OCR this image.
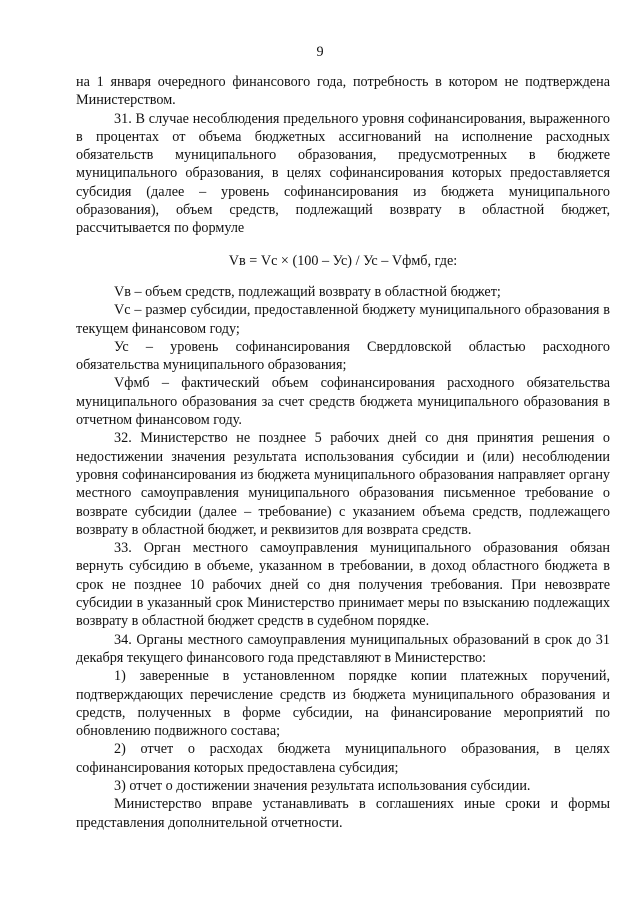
9

на 1 января очередного финансового года, потребность в котором не подтверждена Министерством.

31. В случае несоблюдения предельного уровня софинансирования, выраженного в процентах от объема бюджетных ассигнований на исполнение расходных обязательств муниципального образования, предусмотренных в бюджете муниципального образования, в целях софинансирования которых предоставляется субсидия (далее – уровень софинансирования из бюджета муниципального образования), объем средств, подлежащий возврату в областной бюджет, рассчитывается по формуле

Vв = Vс × (100 – Ус) / Ус – Vфмб, где:

Vв – объем средств, подлежащий возврату в областной бюджет;

Vс – размер субсидии, предоставленной бюджету муниципального образования в текущем финансовом году;

Ус – уровень софинансирования Свердловской областью расходного обязательства муниципального образования;

Vфмб – фактический объем софинансирования расходного обязательства муниципального образования за счет средств бюджета муниципального образования в отчетном финансовом году.

32. Министерство не позднее 5 рабочих дней со дня принятия решения о недостижении значения результата использования субсидии и (или) несоблюдении уровня софинансирования из бюджета муниципального образования направляет органу местного самоуправления муниципального образования письменное требование о возврате субсидии (далее – требование) с указанием объема средств, подлежащего возврату в областной бюджет, и реквизитов для возврата средств.

33. Орган местного самоуправления муниципального образования обязан вернуть субсидию в объеме, указанном в требовании, в доход областного бюджета в срок не позднее 10 рабочих дней со дня получения требования. При невозврате субсидии в указанный срок Министерство принимает меры по взысканию подлежащих возврату в областной бюджет средств в судебном порядке.

34. Органы местного самоуправления муниципальных образований в срок до 31 декабря текущего финансового года представляют в Министерство:

1) заверенные в установленном порядке копии платежных поручений, подтверждающих перечисление средств из бюджета муниципального образования и средств, полученных в форме субсидии, на финансирование мероприятий по обновлению подвижного состава;

2) отчет о расходах бюджета муниципального образования, в целях софинансирования которых предоставлена субсидия;

3) отчет о достижении значения результата использования субсидии.

Министерство вправе устанавливать в соглашениях иные сроки и формы представления дополнительной отчетности.
